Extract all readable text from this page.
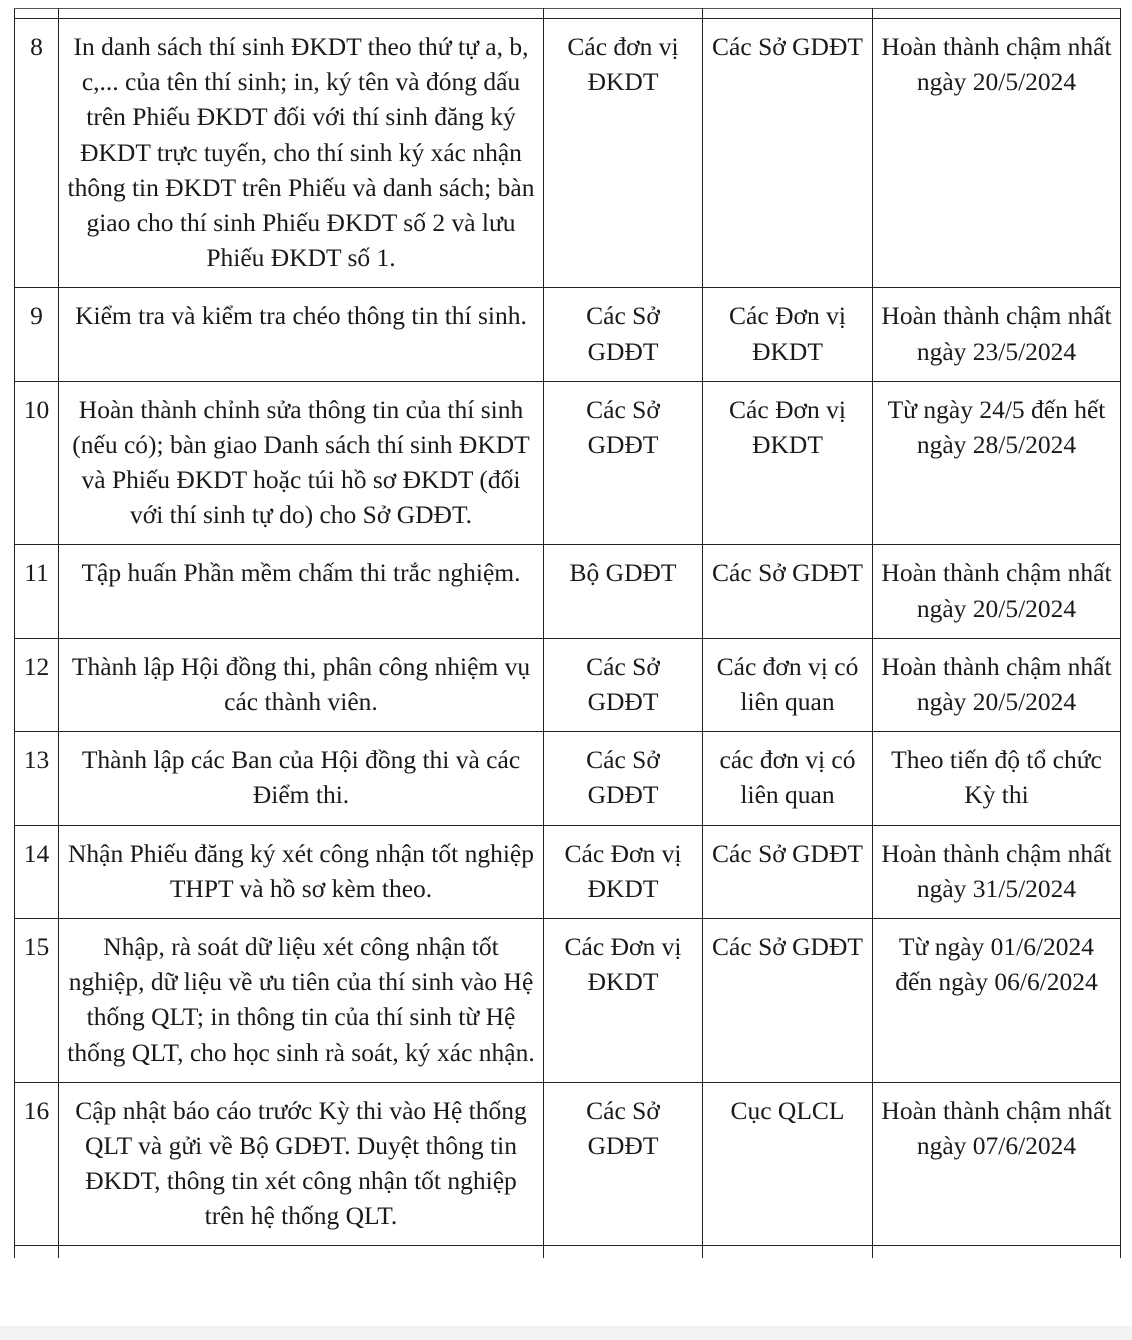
8	In danh sách thí sinh ĐKDT theo thứ tự a, b, c,... của tên thí sinh; in, ký tên và đóng dấu trên Phiếu ĐKDT đối với thí sinh đăng ký ĐKDT trực tuyến, cho thí sinh ký xác nhận thông tin ĐKDT trên Phiếu và danh sách; bàn giao cho thí sinh Phiếu ĐKDT số 2 và lưu Phiếu ĐKDT số 1.	Các đơn vị ĐKDT	Các Sở GDĐT	Hoàn thành chậm nhất ngày 20/5/2024

9	Kiểm tra và kiểm tra chéo thông tin thí sinh.	Các Sở GDĐT	Các Đơn vị ĐKDT	Hoàn thành chậm nhất ngày 23/5/2024

10	Hoàn thành chỉnh sửa thông tin của thí sinh (nếu có); bàn giao Danh sách thí sinh ĐKDT và Phiếu ĐKDT hoặc túi hồ sơ ĐKDT (đối với thí sinh tự do) cho Sở GDĐT.	Các Sở GDĐT	Các Đơn vị ĐKDT	Từ ngày 24/5 đến hết ngày 28/5/2024

11	Tập huấn Phần mềm chấm thi trắc nghiệm.	Bộ GDĐT	Các Sở GDĐT	Hoàn thành chậm nhất ngày 20/5/2024

12	Thành lập Hội đồng thi, phân công nhiệm vụ các thành viên.	Các Sở GDĐT	Các đơn vị có liên quan	Hoàn thành chậm nhất ngày 20/5/2024

13	Thành lập các Ban của Hội đồng thi và các Điểm thi.	Các Sở GDĐT	các đơn vị có liên quan	Theo tiến độ tổ chức Kỳ thi

14	Nhận Phiếu đăng ký xét công nhận tốt nghiệp THPT và hồ sơ kèm theo.	Các Đơn vị ĐKDT	Các Sở GDĐT	Hoàn thành chậm nhất ngày 31/5/2024

15	Nhập, rà soát dữ liệu xét công nhận tốt nghiệp, dữ liệu về ưu tiên của thí sinh vào Hệ thống QLT; in thông tin của thí sinh từ Hệ thống QLT, cho học sinh rà soát, ký xác nhận.	Các Đơn vị ĐKDT	Các Sở GDĐT	Từ ngày 01/6/2024 đến ngày 06/6/2024

16	Cập nhật báo cáo trước Kỳ thi vào Hệ thống QLT và gửi về Bộ GDĐT. Duyệt thông tin ĐKDT, thông tin xét công nhận tốt nghiệp trên hệ thống QLT.	Các Sở GDĐT	Cục QLCL	Hoàn thành chậm nhất ngày 07/6/2024
